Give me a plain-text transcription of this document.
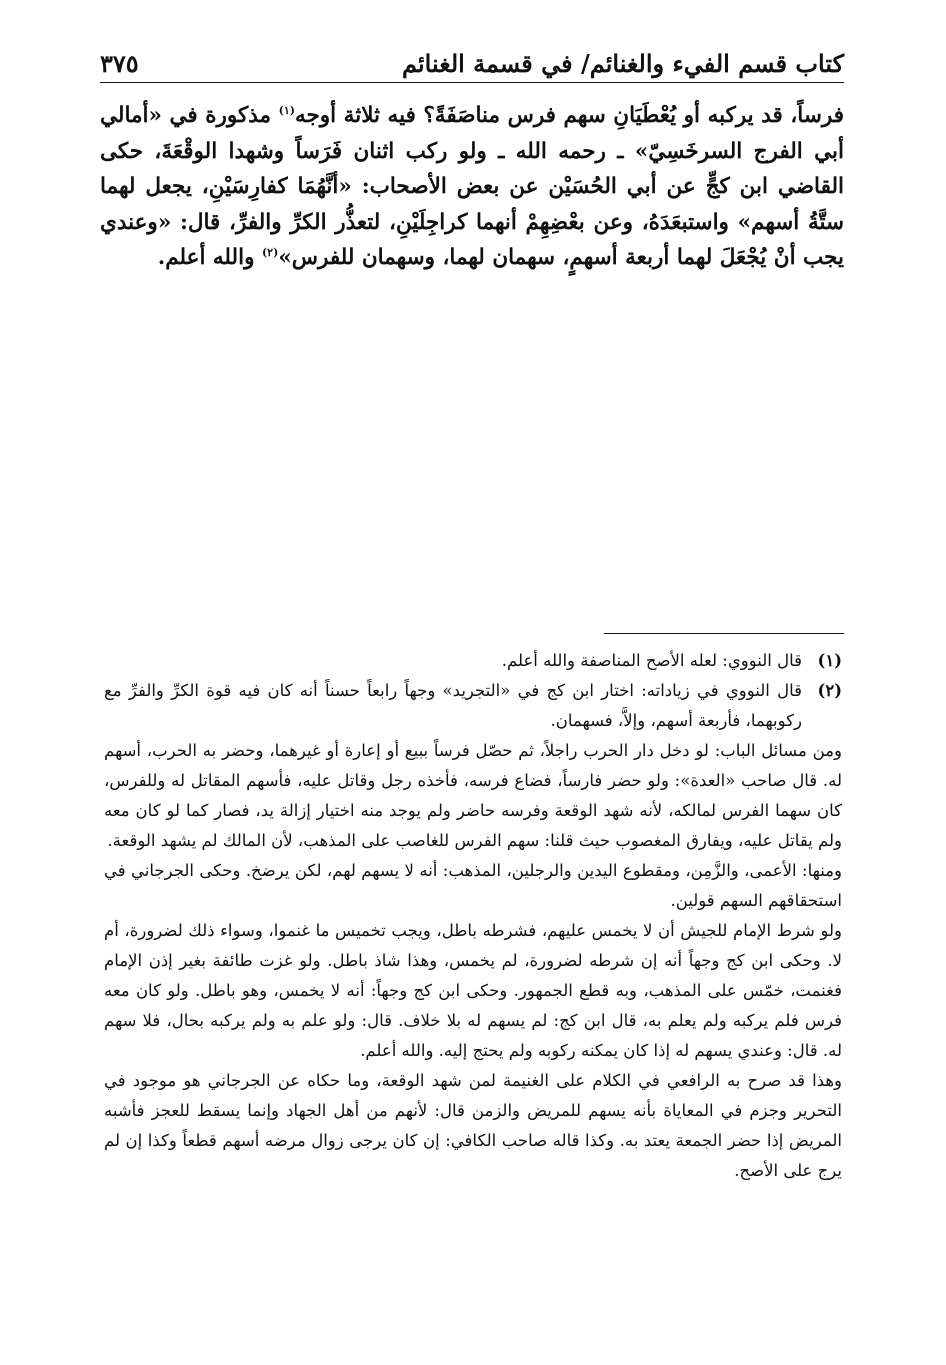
كتاب قسم الفيء والغنائم/ في قسمة الغنائم
٣٧٥

فرساً، قد يركبه أو يُعْطَيَانِ سهم فرس مناصَفَةً؟ فيه ثلاثة أوجه$^{(١)}$ مذكورة في «أمالي أبي الفرج السرخَسِيّ» ـ رحمه الله ـ ولو ركب اثنان فَرَساً وشهدا الوقْعَةَ، حكى القاضي ابن كجٍّ عن أبي الحُسَيْن عن بعض الأصحاب: «أنَّهُمَا كفارِسَيْنِ، يجعل لهما ستَّةُ أسهم» واستبعَدَهُ، وعن بعْضِهِمْ أنهما كراجِلَيْنِ، لتعذُّر الكرِّ والفرِّ، قال: «وعندي يجب أنْ يُجْعَلَ لهما أربعة أسهمٍ، سهمان لهما، وسهمان للفرس»$^{(٢)}$ والله أعلم.

(١)

قال النووي: لعله الأصح المناصفة والله أعلم.

(٢)

قال النووي في زياداته: اختار ابن كج في «التجريد» وجهاً رابعاً حسناً أنه كان فيه قوة الكرِّ والفرِّ مع ركوبهما، فأربعة أسهم، وإلاَّ، فسهمان.

ومن مسائل الباب: لو دخل دار الحرب راجلاً، ثم حصّل فرساً ببيع أو إعارة أو غيرهما، وحضر به الحرب، أسهم له. قال صاحب «العدة»: ولو حضر فارساً، فضاع فرسه، فأخذه رجل وقاتل عليه، فأسهم المقاتل له وللفرس، كان سهما الفرس لمالكه، لأنه شهد الوقعة وفرسه حاضر ولم يوجد منه اختيار إزالة يد، فصار كما لو كان معه ولم يقاتل عليه، ويفارق المغصوب حيث قلنا: سهم الفرس للغاصب على المذهب، لأن المالك لم يشهد الوقعة.

ومنها: الأعمى، والزَّمِن، ومقطوع اليدين والرجلين، المذهب: أنه لا يسهم لهم، لكن يرضخ. وحكى الجرجاني في استحقاقهم السهم قولين.

ولو شرط الإمام للجيش أن لا يخمس عليهم، فشرطه باطل، ويجب تخميس ما غنموا، وسواء ذلك لضرورة، أم لا. وحكى ابن كج وجهاً أنه إن شرطه لضرورة، لم يخمس، وهذا شاذ باطل. ولو غزت طائفة بغير إذن الإمام فغنمت، خمّس على المذهب، وبه قطع الجمهور. وحكى ابن كج وجهاً: أنه لا يخمس، وهو باطل. ولو كان معه فرس فلم يركبه ولم يعلم به، قال ابن كج: لم يسهم له بلا خلاف. قال: ولو علم به ولم يركبه بحال، فلا سهم له. قال: وعندي يسهم له إذا كان يمكنه ركوبه ولم يحتج إليه. والله أعلم.

وهذا قد صرح به الرافعي في الكلام على الغنيمة لمن شهد الوقعة، وما حكاه عن الجرجاني هو موجود في التحرير وجزم في المعاياة بأنه يسهم للمريض والزمن قال: لأنهم من أهل الجهاد وإنما يسقط للعجز فأشبه المريض إذا حضر الجمعة يعتد به. وكذا قاله صاحب الكافي: إن كان يرجى زوال مرضه أسهم قطعاً وكذا إن لم يرج على الأصح.
